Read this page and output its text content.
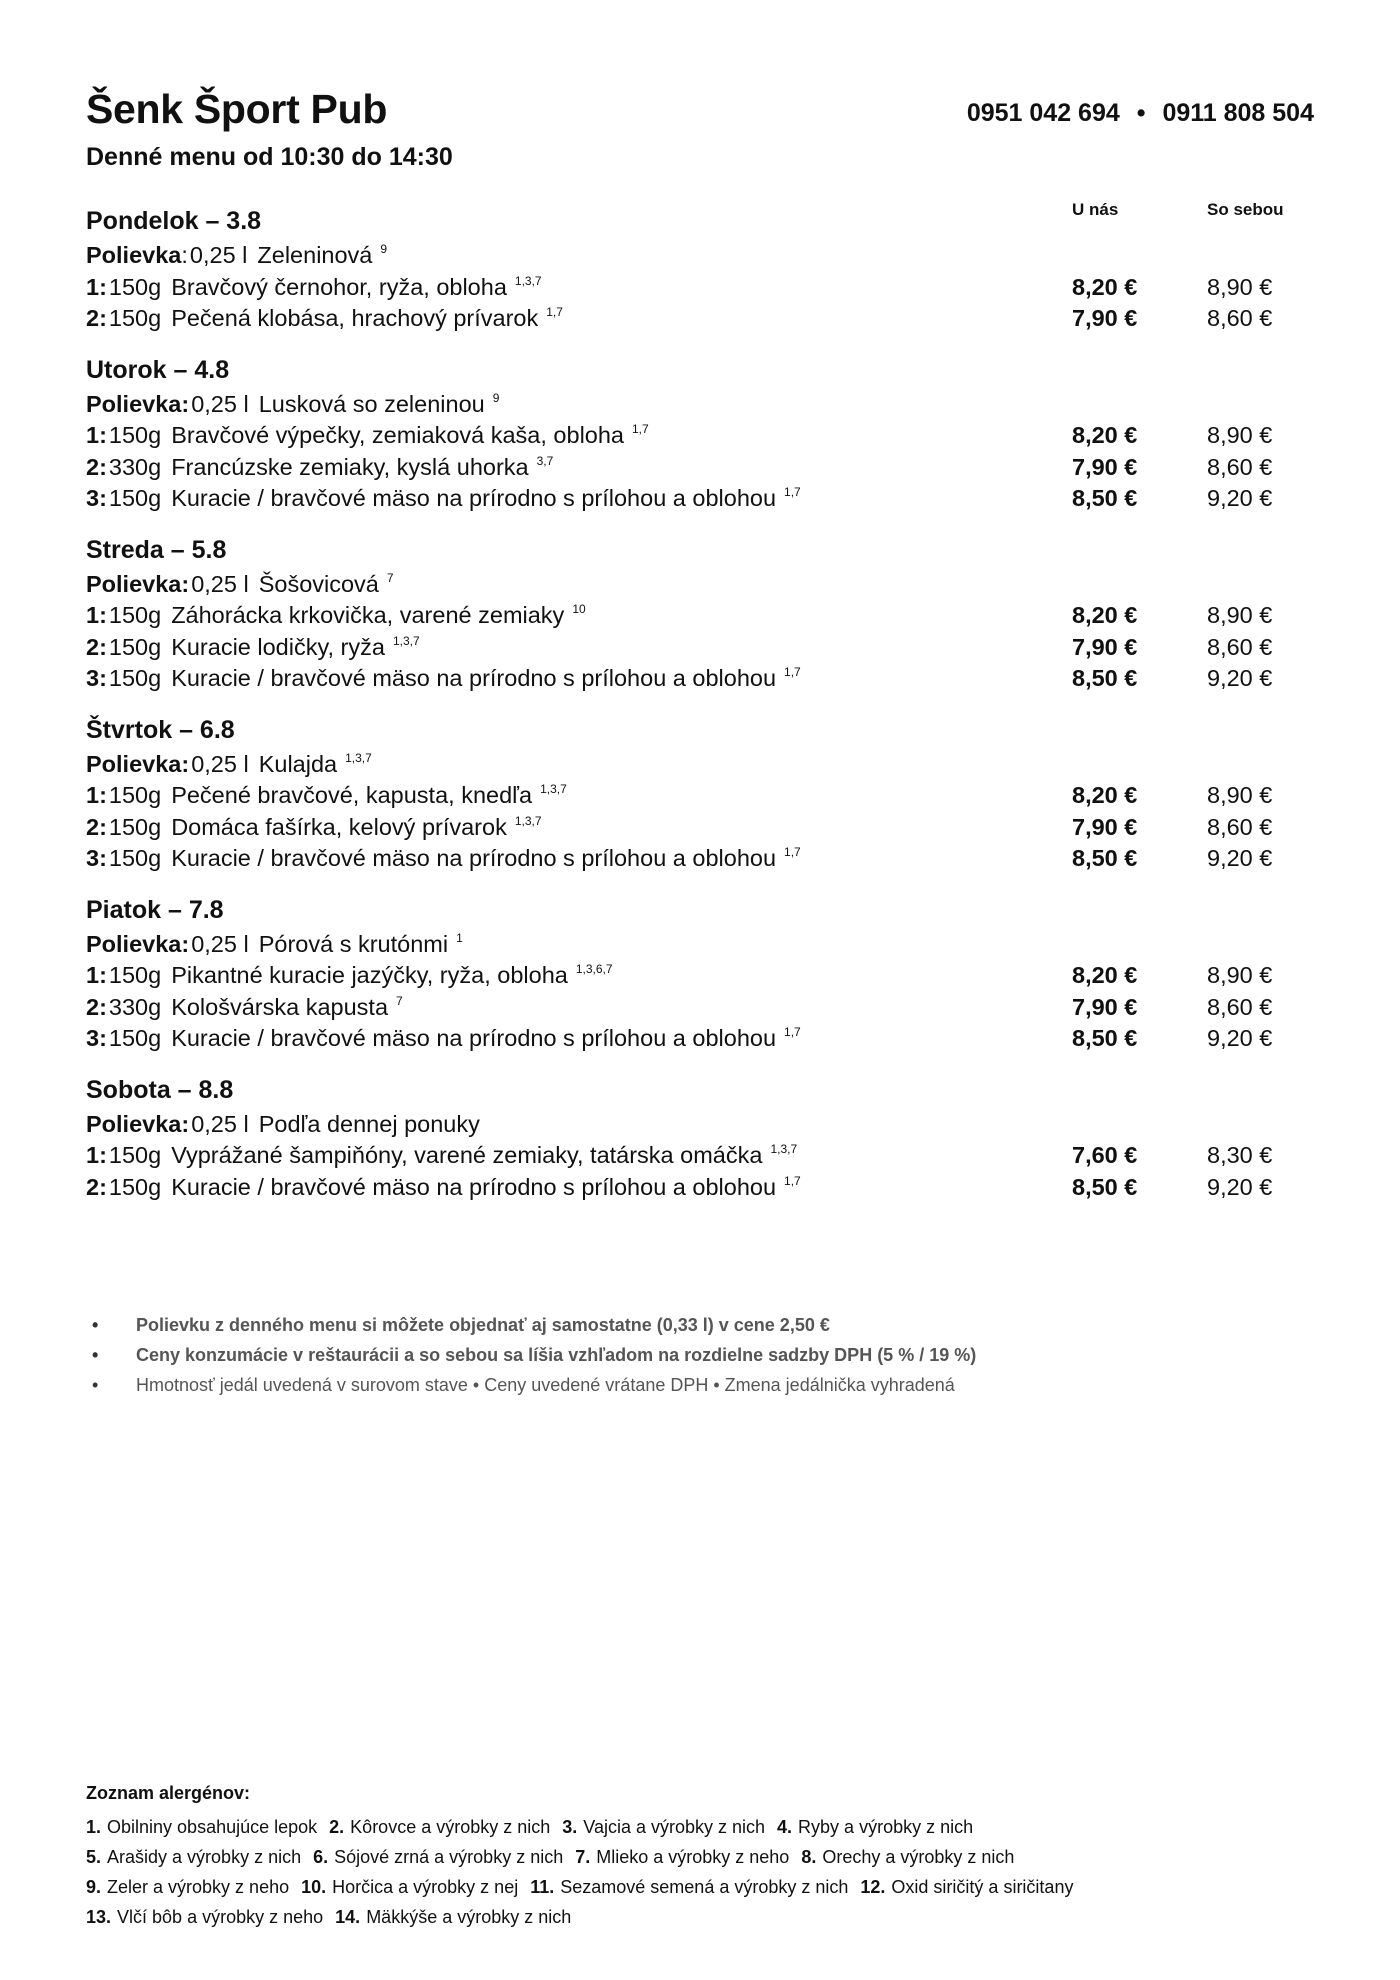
Šenk Šport Pub
Denné menu od 10:30 do 14:30
0951 042 694 • 0911 808 504
U nás	So sebou
Pondelok – 3.8
Polievka:0,25 l Zeleninová $^9$
1:150g Bravčový černohor, ryža, obloha $^{1,3,7}$	8,20 €	8,90 €
2:150g Pečená klobása, hrachový prívarok $^{1,7}$	7,90 €	8,60 €
Utorok – 4.8
Polievka:0,25 l Lusková so zeleninou $^9$
1:150g Bravčové výpečky, zemiaková kaša, obloha $^{1,7}$	8,20 €	8,90 €
2:330g Francúzske zemiaky, kyslá uhorka $^{3,7}$	7,90 €	8,60 €
3:150g Kuracie / bravčové mäso na prírodno s prílohou a oblohou $^{1,7}$	8,50 €	9,20 €
Streda – 5.8
Polievka:0,25 l Šošovicová $^7$
1:150g Záhorácka krkovička, varené zemiaky $^{10}$	8,20 €	8,90 €
2:150g Kuracie lodičky, ryža $^{1,3,7}$	7,90 €	8,60 €
3:150g Kuracie / bravčové mäso na prírodno s prílohou a oblohou $^{1,7}$	8,50 €	9,20 €
Štvrtok – 6.8
Polievka:0,25 l Kulajda $^{1,3,7}$
1:150g Pečené bravčové, kapusta, knedľa $^{1,3,7}$	8,20 €	8,90 €
2:150g Domáca fašírka, kelový prívarok $^{1,3,7}$	7,90 €	8,60 €
3:150g Kuracie / bravčové mäso na prírodno s prílohou a oblohou $^{1,7}$	8,50 €	9,20 €
Piatok – 7.8
Polievka:0,25 l Pórová s krutónmi $^1$
1:150g Pikantné kuracie jazýčky, ryža, obloha $^{1,3,6,7}$	8,20 €	8,90 €
2:330g Kološvárska kapusta $^7$	7,90 €	8,60 €
3:150g Kuracie / bravčové mäso na prírodno s prílohou a oblohou $^{1,7}$	8,50 €	9,20 €
Sobota – 8.8
Polievka:0,25 l Podľa dennej ponuky
1:150g Vyprážané šampiňóny, varené zemiaky, tatárska omáčka $^{1,3,7}$	7,60 €	8,30 €
2:150g Kuracie / bravčové mäso na prírodno s prílohou a oblohou $^{1,7}$	8,50 €	9,20 €
• Polievku z denného menu si môžete objednať aj samostatne (0,33 l) v cene 2,50 €
• Ceny konzumácie v reštaurácii a so sebou sa líšia vzhľadom na rozdielne sadzby DPH (5 % / 19 %)
• Hmotnosť jedál uvedená v surovom stave • Ceny uvedené vrátane DPH • Zmena jedálnička vyhradená
Zoznam alergénov:
1. Obilniny obsahujúce lepok 2. Kôrovce a výrobky z nich 3. Vajcia a výrobky z nich 4. Ryby a výrobky z nich
5. Arašidy a výrobky z nich 6. Sójové zrná a výrobky z nich 7. Mlieko a výrobky z neho 8. Orechy a výrobky z nich
9. Zeler a výrobky z neho 10. Horčica a výrobky z nej 11. Sezamové semená a výrobky z nich 12. Oxid siričitý a siričitany
13. Vlčí bôb a výrobky z neho 14. Mäkkýše a výrobky z nich
